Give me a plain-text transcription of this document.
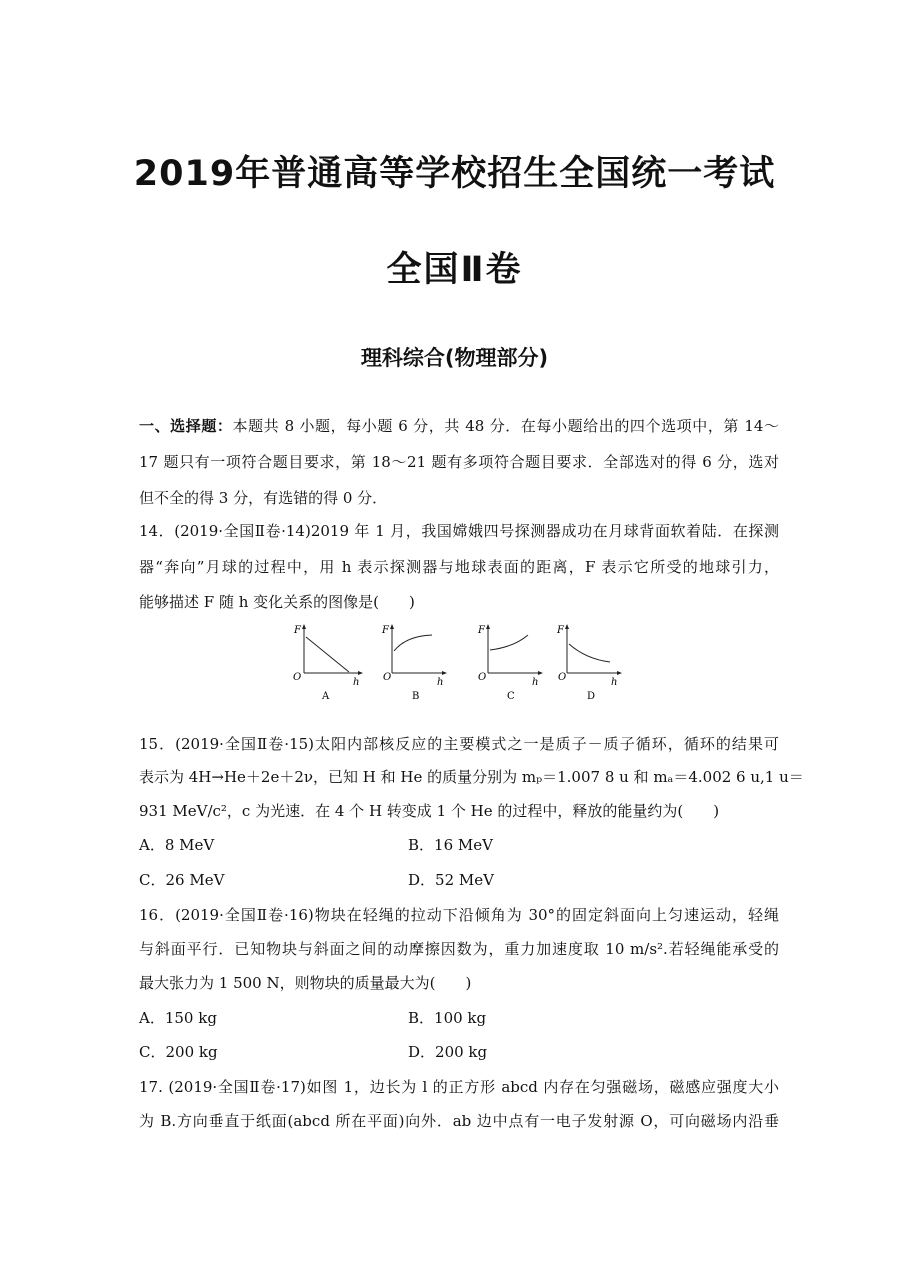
2019年普通高等学校招生全国统一考试
全国Ⅱ卷
理科综合(物理部分)
一、选择题：本题共 8 小题，每小题 6 分，共 48 分．在每小题给出的四个选项中，第 14～
17 题只有一项符合题目要求，第 18～21 题有多项符合题目要求．全部选对的得 6 分，选对
但不全的得 3 分，有选错的得 0 分．
14．(2019·全国Ⅱ卷·14)2019 年 1 月，我国嫦娥四号探测器成功在月球背面软着陆．在探测
器“奔向”月球的过程中，用 h 表示探测器与地球表面的距离，F 表示它所受的地球引力，
能够描述 F 随 h 变化关系的图像是(　　)
F
h
O
A
F
h
O
B
F
h
O
C
F
h
O
D
15．(2019·全国Ⅱ卷·15)太阳内部核反应的主要模式之一是质子－质子循环，循环的结果可
表示为 4H→He＋2e＋2ν，已知 H 和 He 的质量分别为 mₚ＝1.007 8 u 和 mₐ＝4.002 6 u,1 u＝
931 MeV/c²，c 为光速．在 4 个 H 转变成 1 个 He 的过程中，释放的能量约为(　　)
A．8 MeV	B．16 MeV
C．26 MeV	D．52 MeV
16．(2019·全国Ⅱ卷·16)物块在轻绳的拉动下沿倾角为 30°的固定斜面向上匀速运动，轻绳
与斜面平行．已知物块与斜面之间的动摩擦因数为，重力加速度取 10 m/s².若轻绳能承受的
最大张力为 1 500 N，则物块的质量最大为(　　)
A．150 kg	B．100 kg
C．200 kg	D．200 kg
17. (2019·全国Ⅱ卷·17)如图 1，边长为 l 的正方形 abcd 内存在匀强磁场，磁感应强度大小
为 B.方向垂直于纸面(abcd 所在平面)向外．ab 边中点有一电子发射源 O，可向磁场内沿垂
